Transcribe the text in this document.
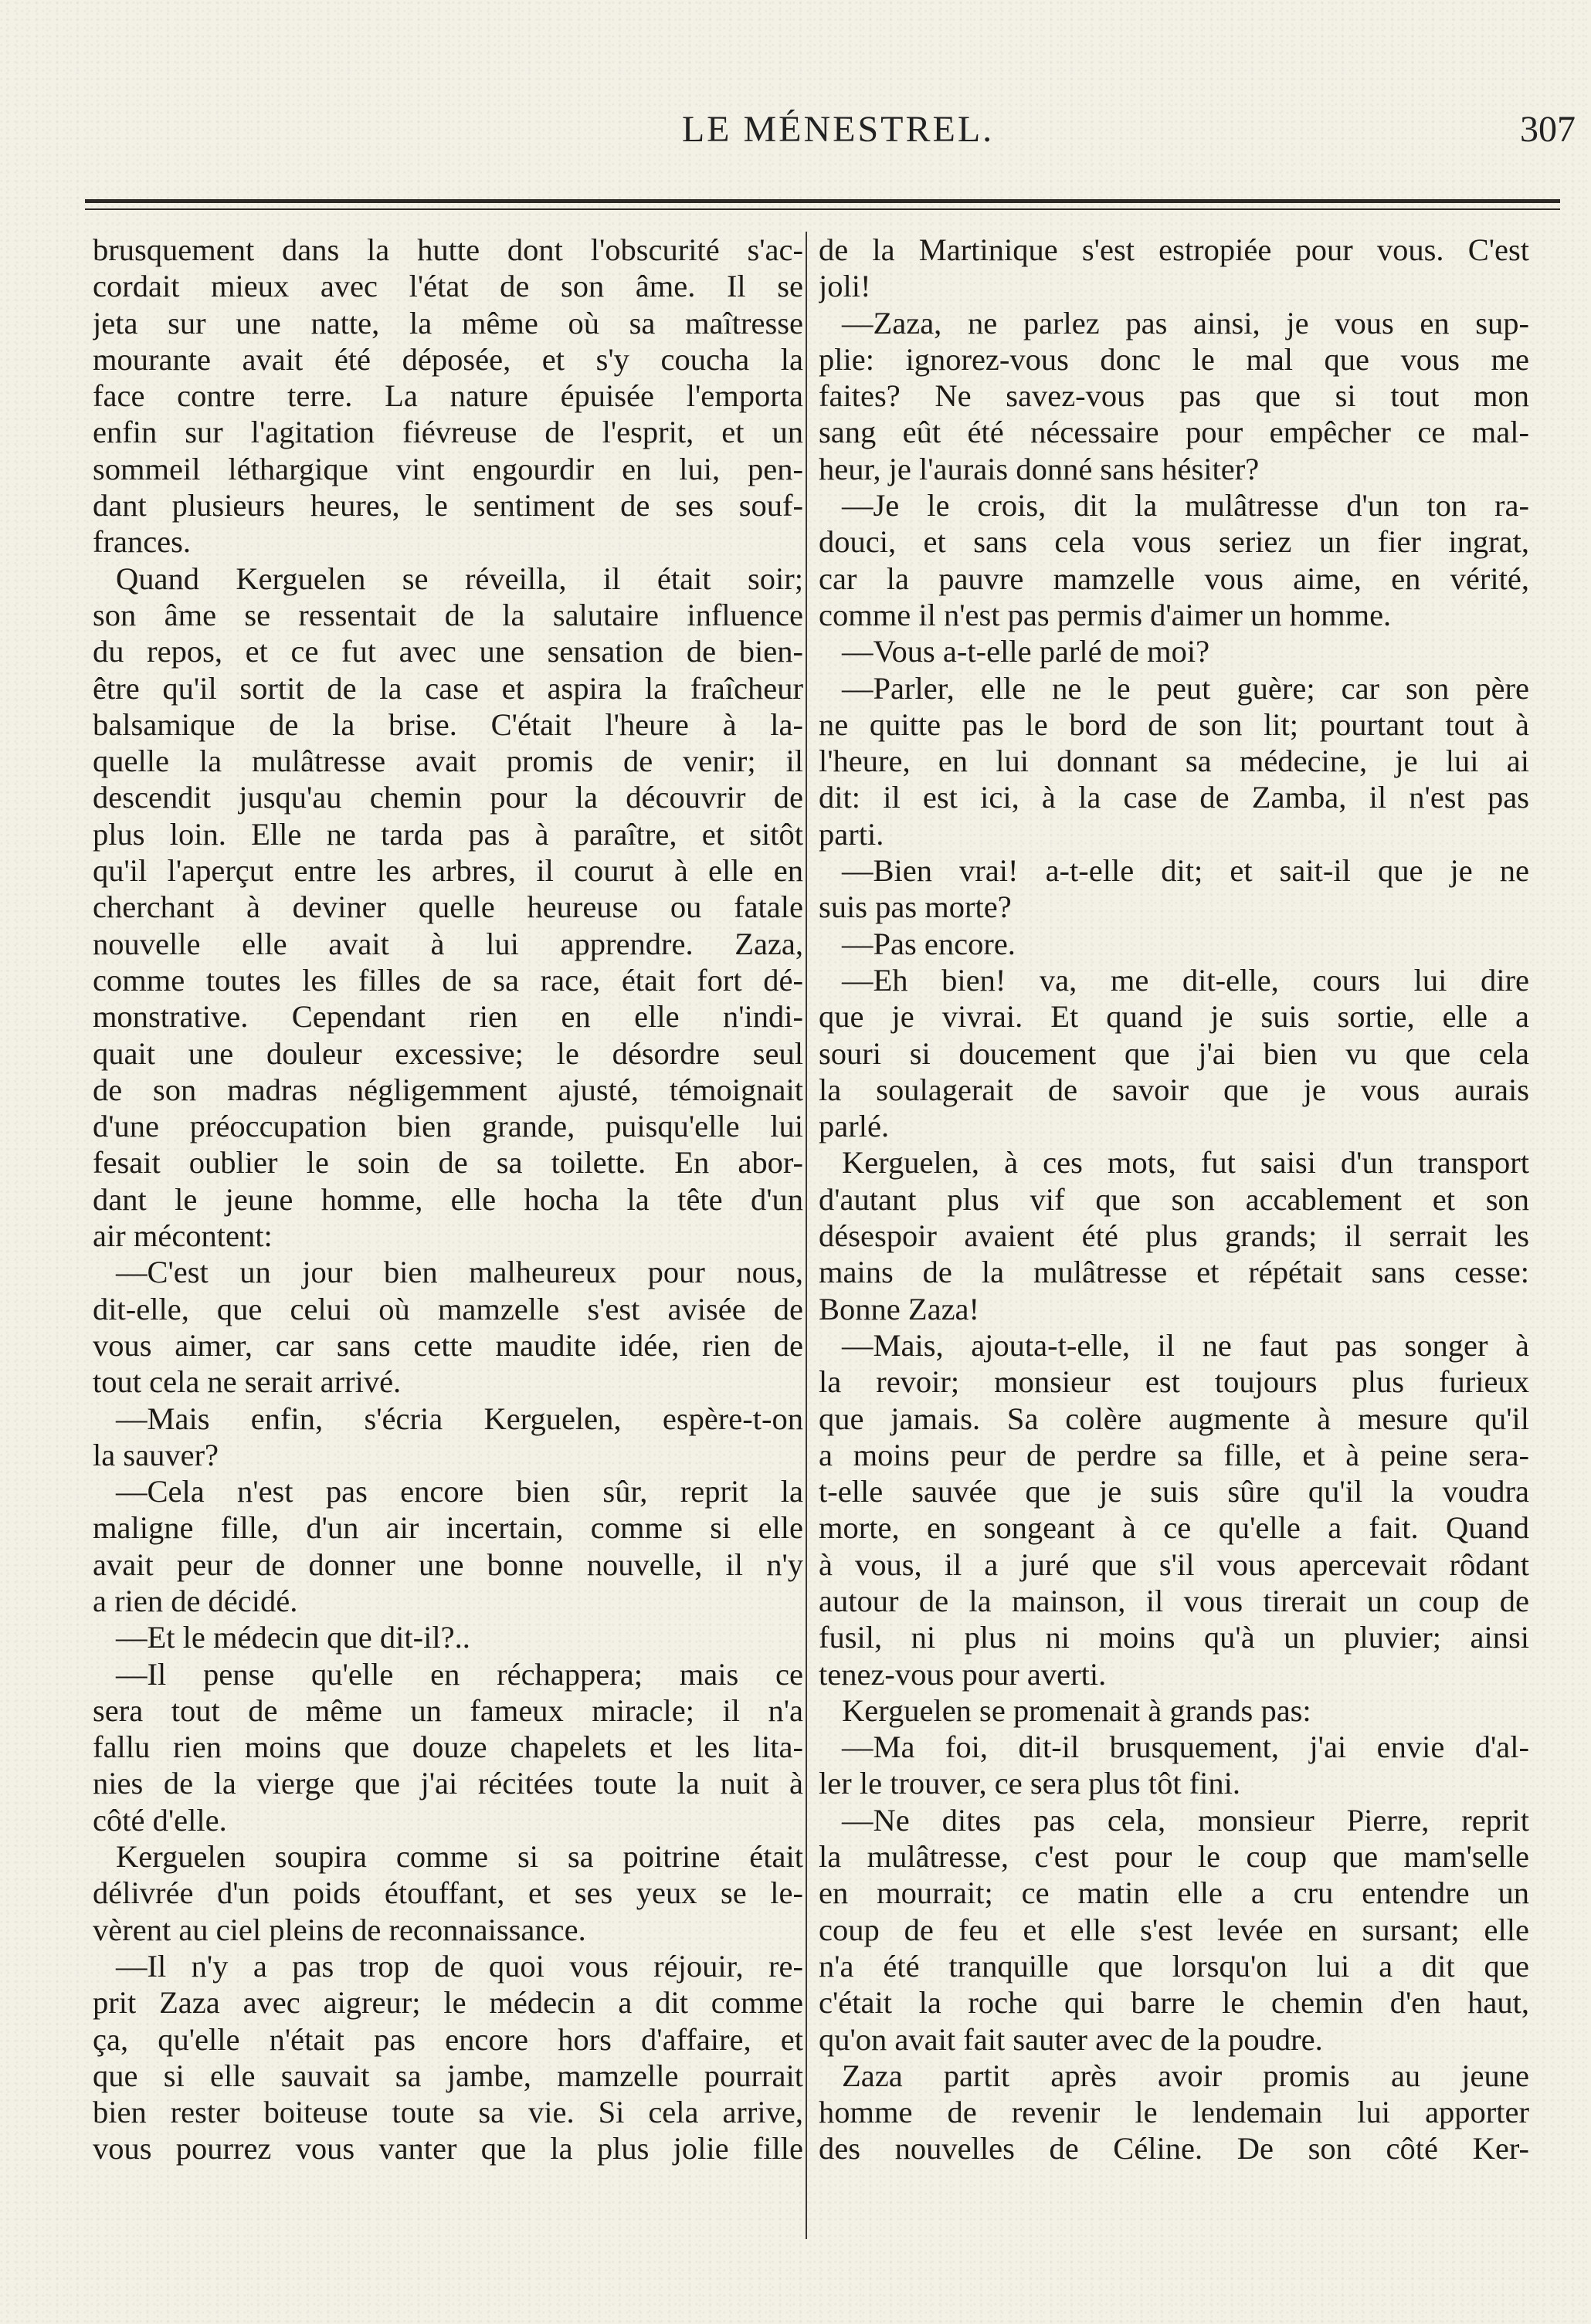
LE MÉNESTREL.	307
brusquement dans la hutte dont l'obscurité s'ac-
cordait mieux avec l'état de son âme. Il se
jeta sur une natte, la même où sa maîtresse
mourante avait été déposée, et s'y coucha la
face contre terre. La nature épuisée l'emporta
enfin sur l'agitation fiévreuse de l'esprit, et un
sommeil léthargique vint engourdir en lui, pen-
dant plusieurs heures, le sentiment de ses souf-
frances.
Quand Kerguelen se réveilla, il était soir;
son âme se ressentait de la salutaire influence
du repos, et ce fut avec une sensation de bien-
être qu'il sortit de la case et aspira la fraîcheur
balsamique de la brise. C'était l'heure à la-
quelle la mulâtresse avait promis de venir; il
descendit jusqu'au chemin pour la découvrir de
plus loin. Elle ne tarda pas à paraître, et sitôt
qu'il l'aperçut entre les arbres, il courut à elle en
cherchant à deviner quelle heureuse ou fatale
nouvelle elle avait à lui apprendre. Zaza,
comme toutes les filles de sa race, était fort dé-
monstrative. Cependant rien en elle n'indi-
quait une douleur excessive; le désordre seul
de son madras négligemment ajusté, témoignait
d'une préoccupation bien grande, puisqu'elle lui
fesait oublier le soin de sa toilette. En abor-
dant le jeune homme, elle hocha la tête d'un
air mécontent:
—C'est un jour bien malheureux pour nous,
dit-elle, que celui où mamzelle s'est avisée de
vous aimer, car sans cette maudite idée, rien de
tout cela ne serait arrivé.
—Mais enfin, s'écria Kerguelen, espère-t-on
la sauver?
—Cela n'est pas encore bien sûr, reprit la
maligne fille, d'un air incertain, comme si elle
avait peur de donner une bonne nouvelle, il n'y
a rien de décidé.
—Et le médecin que dit-il?..
—Il pense qu'elle en réchappera; mais ce
sera tout de même un fameux miracle; il n'a
fallu rien moins que douze chapelets et les lita-
nies de la vierge que j'ai récitées toute la nuit à
côté d'elle.
Kerguelen soupira comme si sa poitrine était
délivrée d'un poids étouffant, et ses yeux se le-
vèrent au ciel pleins de reconnaissance.
—Il n'y a pas trop de quoi vous réjouir, re-
prit Zaza avec aigreur; le médecin a dit comme
ça, qu'elle n'était pas encore hors d'affaire, et
que si elle sauvait sa jambe, mamzelle pourrait
bien rester boiteuse toute sa vie. Si cela arrive,
vous pourrez vous vanter que la plus jolie fille
de la Martinique s'est estropiée pour vous. C'est
joli!
—Zaza, ne parlez pas ainsi, je vous en sup-
plie: ignorez-vous donc le mal que vous me
faites? Ne savez-vous pas que si tout mon
sang eût été nécessaire pour empêcher ce mal-
heur, je l'aurais donné sans hésiter?
—Je le crois, dit la mulâtresse d'un ton ra-
douci, et sans cela vous seriez un fier ingrat,
car la pauvre mamzelle vous aime, en vérité,
comme il n'est pas permis d'aimer un homme.
—Vous a-t-elle parlé de moi?
—Parler, elle ne le peut guère; car son père
ne quitte pas le bord de son lit; pourtant tout à
l'heure, en lui donnant sa médecine, je lui ai
dit: il est ici, à la case de Zamba, il n'est pas
parti.
—Bien vrai! a-t-elle dit; et sait-il que je ne
suis pas morte?
—Pas encore.
—Eh bien! va, me dit-elle, cours lui dire
que je vivrai. Et quand je suis sortie, elle a
souri si doucement que j'ai bien vu que cela
la soulagerait de savoir que je vous aurais
parlé.
Kerguelen, à ces mots, fut saisi d'un transport
d'autant plus vif que son accablement et son
désespoir avaient été plus grands; il serrait les
mains de la mulâtresse et répétait sans cesse:
Bonne Zaza!
—Mais, ajouta-t-elle, il ne faut pas songer à
la revoir; monsieur est toujours plus furieux
que jamais. Sa colère augmente à mesure qu'il
a moins peur de perdre sa fille, et à peine sera-
t-elle sauvée que je suis sûre qu'il la voudra
morte, en songeant à ce qu'elle a fait. Quand
à vous, il a juré que s'il vous apercevait rôdant
autour de la mainson, il vous tirerait un coup de
fusil, ni plus ni moins qu'à un pluvier; ainsi
tenez-vous pour averti.
Kerguelen se promenait à grands pas:
—Ma foi, dit-il brusquement, j'ai envie d'al-
ler le trouver, ce sera plus tôt fini.
—Ne dites pas cela, monsieur Pierre, reprit
la mulâtresse, c'est pour le coup que mam'selle
en mourrait; ce matin elle a cru entendre un
coup de feu et elle s'est levée en sursant; elle
n'a été tranquille que lorsqu'on lui a dit que
c'était la roche qui barre le chemin d'en haut,
qu'on avait fait sauter avec de la poudre.
Zaza partit après avoir promis au jeune
homme de revenir le lendemain lui apporter
des nouvelles de Céline. De son côté Ker-
